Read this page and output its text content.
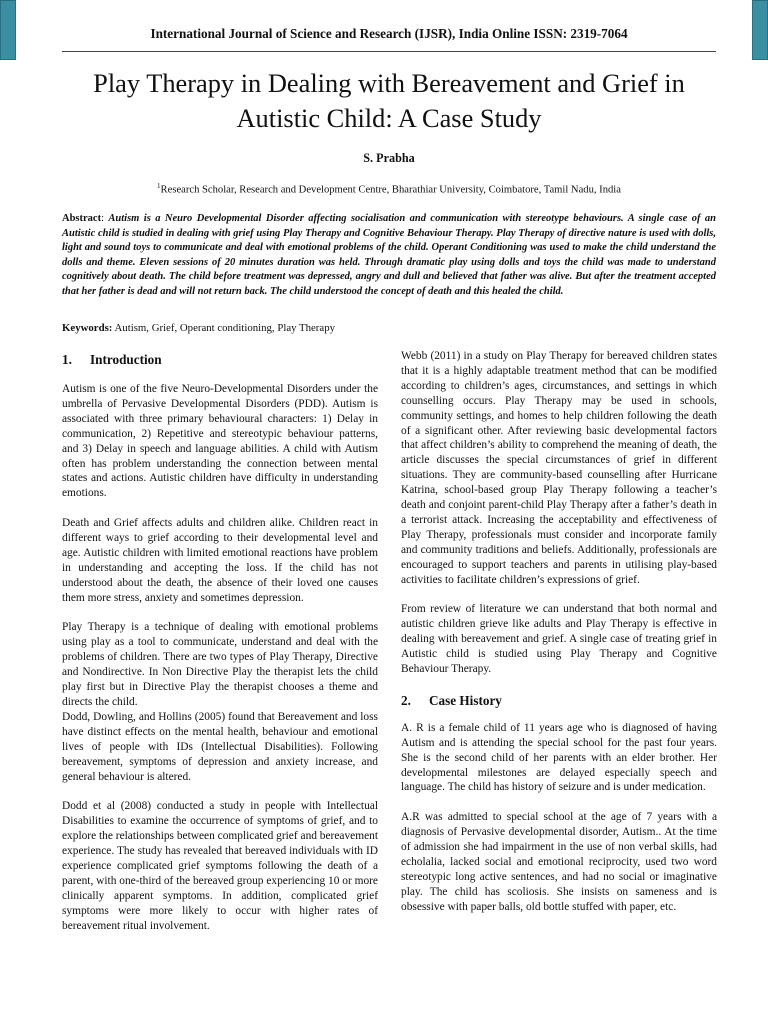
International Journal of Science and Research (IJSR), India Online ISSN: 2319-7064
Play Therapy in Dealing with Bereavement and Grief in Autistic Child: A Case Study
S. Prabha
$^1$Research Scholar, Research and Development Centre, Bharathiar University, Coimbatore, Tamil Nadu, India
Abstract: Autism is a Neuro Developmental Disorder affecting socialisation and communication with stereotype behaviours. A single case of an Autistic child is studied in dealing with grief using Play Therapy and Cognitive Behaviour Therapy. Play Therapy of directive nature is used with dolls, light and sound toys to communicate and deal with emotional problems of the child. Operant Conditioning was used to make the child understand the dolls and theme. Eleven sessions of 20 minutes duration was held. Through dramatic play using dolls and toys the child was made to understand cognitively about death. The child before treatment was depressed, angry and dull and believed that father was alive. But after the treatment accepted that her father is dead and will not return back. The child understood the concept of death and this healed the child.
Keywords: Autism, Grief, Operant conditioning, Play Therapy
1. Introduction

Autism is one of the five Neuro-Developmental Disorders under the umbrella of Pervasive Developmental Disorders (PDD). Autism is associated with three primary behavioural characters: 1) Delay in communication, 2) Repetitive and stereotypic behaviour patterns, and 3) Delay in speech and language abilities. A child with Autism often has problem understanding the connection between mental states and actions. Autistic children have difficulty in understanding emotions.

Death and Grief affects adults and children alike. Children react in different ways to grief according to their developmental level and age. Autistic children with limited emotional reactions have problem in understanding and accepting the loss. If the child has not understood about the death, the absence of their loved one causes them more stress, anxiety and sometimes depression.

Play Therapy is a technique of dealing with emotional problems using play as a tool to communicate, understand and deal with the problems of children. There are two types of Play Therapy, Directive and Nondirective. In Non Directive Play the therapist lets the child play first but in Directive Play the therapist chooses a theme and directs the child.

Dodd, Dowling, and Hollins (2005) found that Bereavement and loss have distinct effects on the mental health, behaviour and emotional lives of people with IDs (Intellectual Disabilities). Following bereavement, symptoms of depression and anxiety increase, and general behaviour is altered.

Dodd et al (2008) conducted a study in people with Intellectual Disabilities to examine the occurrence of symptoms of grief, and to explore the relationships between complicated grief and bereavement experience. The study has revealed that bereaved individuals with ID experience complicated grief symptoms following the death of a parent, with one-third of the bereaved group experiencing 10 or more clinically apparent symptoms. In addition, complicated grief symptoms were more likely to occur with higher rates of bereavement ritual involvement.

Webb (2011) in a study on Play Therapy for bereaved children states that it is a highly adaptable treatment method that can be modified according to children’s ages, circumstances, and settings in which counselling occurs. Play Therapy may be used in schools, community settings, and homes to help children following the death of a significant other. After reviewing basic developmental factors that affect children’s ability to comprehend the meaning of death, the article discusses the special circumstances of grief in different situations. They are community-based counselling after Hurricane Katrina, school-based group Play Therapy following a teacher’s death and conjoint parent-child Play Therapy after a father’s death in a terrorist attack. Increasing the acceptability and effectiveness of Play Therapy, professionals must consider and incorporate family and community traditions and beliefs. Additionally, professionals are encouraged to support teachers and parents in utilising play-based activities to facilitate children’s expressions of grief.

From review of literature we can understand that both normal and autistic children grieve like adults and Play Therapy is effective in dealing with bereavement and grief. A single case of treating grief in Autistic child is studied using Play Therapy and Cognitive Behaviour Therapy.

2. Case History

A. R is a female child of 11 years age who is diagnosed of having Autism and is attending the special school for the past four years. She is the second child of her parents with an elder brother. Her developmental milestones are delayed especially speech and language. The child has history of seizure and is under medication.

A.R was admitted to special school at the age of 7 years with a diagnosis of Pervasive developmental disorder, Autism.. At the time of admission she had impairment in the use of non verbal skills, had echolalia, lacked social and emotional reciprocity, used two word stereotypic long active sentences, and had no social or imaginative play. The child has scoliosis. She insists on sameness and is obsessive with paper balls, old bottle stuffed with paper, etc.
